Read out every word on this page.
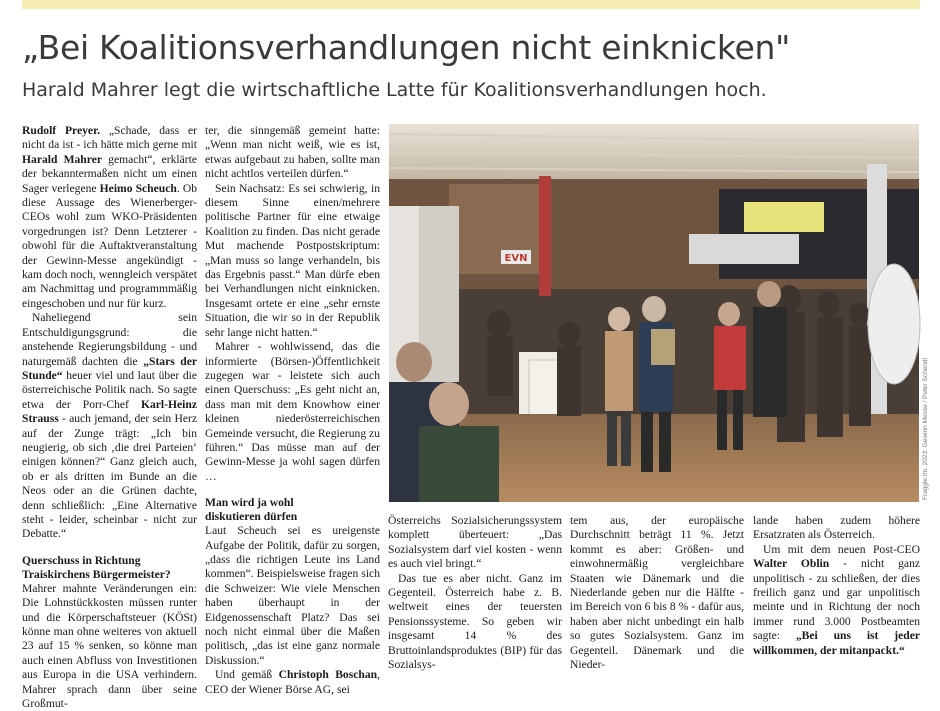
„Bei Koalitionsverhandlungen nicht einknicken"
Harald Mahrer legt die wirtschaftliche Latte für Koalitionsverhandlungen hoch.

Rudolf Preyer. „Schade, dass er nicht da ist - ich hätte mich gerne mit Harald Mahrer gemacht“, erklärte der bekanntermaßen nicht um einen Sager verlegene Heimo Scheuch. Ob diese Aussage des Wienerberger-CEOs wohl zum WKO-Präsidenten vorgedrungen ist? Denn Letzterer - obwohl für die Auftaktveranstaltung der Gewinn-Messe angekündigt - kam doch noch, wenngleich verspätet am Nachmittag und programmmäßig eingeschoben und nur für kurz.

Naheliegend sein Entschuldigungsgrund: die anstehende Regierungsbildung - und naturgemäß dachten die „Stars der Stunde“ heuer viel und laut über die österreichische Politik nach. So sagte etwa der Porr-Chef Karl-Heinz Strauss - auch jemand, der sein Herz auf der Zunge trägt: „Ich bin neugierig, ob sich ‚die drei Parteien‘ einigen können?“ Ganz gleich auch, ob er als dritten im Bunde an die Neos oder an die Grünen dachte, denn schließlich: „Eine Alternative steht - leider, scheinbar - nicht zur Debatte.“

Querschuss in Richtung
Traiskirchens Bürgermeister?

Mahrer mahnte Veränderungen ein: Die Lohnstückkosten müssen runter und die Körperschaftsteuer (KÖSt) könne man ohne weiteres von aktuell 23 auf 15 % senken, so könne man auch einen Abfluss von Investitionen aus Europa in die USA verhindern. Mahrer sprach dann über seine Großmut-

ter, die sinngemäß gemeint hatte: „Wenn man nicht weiß, wie es ist, etwas aufgebaut zu haben, sollte man nicht achtlos verteilen dürfen.“

Sein Nachsatz: Es sei schwierig, in diesem Sinne einen/mehrere politische Partner für eine etwaige Koalition zu finden. Das nicht gerade Mut machende Postpostskriptum: „Man muss so lange verhandeln, bis das Ergebnis passt.“ Man dürfe eben bei Verhandlungen nicht einknicken. Insgesamt ortete er eine „sehr ernste Situation, die wir so in der Republik sehr lange nicht hatten.“

Mahrer - wohlwissend, das die informierte (Börsen-)Öffentlichkeit zugegen war - leistete sich auch einen Querschuss: „Es geht nicht an, dass man mit dem Knowhow einer kleinen niederösterreichischen Gemeinde versucht, die Regierung zu führen.“ Das müsse man auf der Gewinn-Messe ja wohl sagen dürfen …

Man wird ja wohl
diskutieren dürfen

Laut Scheuch sei es ureigenste Aufgabe der Politik, dafür zu sorgen, „dass die richtigen Leute ins Land kommen“. Beispielsweise fragen sich die Schweizer: Wie viele Menschen haben überhaupt in der Eidgenossenschaft Platz? Das sei noch nicht einmal über die Maßen politisch, „das ist eine ganz normale Diskussion.“

Und gemäß Christoph Boschan, CEO der Wiener Börse AG, sei

EVN
Fraggle.Im. 2023: Gewinn Messe / Peter Schendl

Österreichs Sozialsicherungssystem komplett überteuert: „Das Sozialsystem darf viel kosten - wenn es auch viel bringt.“

Das tue es aber nicht. Ganz im Gegenteil. Österreich habe z. B. weltweit eines der teuersten Pensionssysteme. So geben wir insgesamt 14 % des Bruttoinlandsproduktes (BIP) für das Sozialsys-

tem aus, der europäische Durchschnitt beträgt 11 %. Jetzt kommt es aber: Größen- und einwohnermäßig vergleichbare Staaten wie Dänemark und die Niederlande geben nur die Hälfte - im Bereich von 6 bis 8 % - dafür aus, haben aber nicht unbedingt ein halb so gutes Sozialsystem. Ganz im Gegenteil. Dänemark und die Nieder-

lande haben zudem höhere Ersatzraten als Österreich.

Um mit dem neuen Post-CEO Walter Oblin - nicht ganz unpolitisch - zu schließen, der dies freilich ganz und gar unpolitisch meinte und in Richtung der noch immer rund 3.000 Postbeamten sagte: „Bei uns ist jeder willkommen, der mitanpackt.“
